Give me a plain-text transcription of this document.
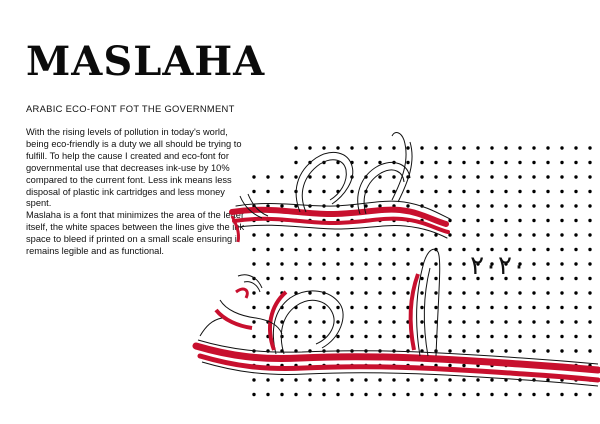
MASLAHA
ARABIC ECO-FONT FOT THE GOVERNMENT

With the rising levels of pollution in today's world, being eco-friendly is a duty we all should be trying to fulfill. To help the cause I created and eco-font for governmental use that decreases ink-use by 10% compared to the current font. Less ink means less disposal of plastic ink cartridges and less money spent.

Maslaha is a font that minimizes the area of the letter itself, the white spaces between the lines give the ink space to bleed if printed on a small scale ensuring it remains legible and as functional.	٢٠٢٠
